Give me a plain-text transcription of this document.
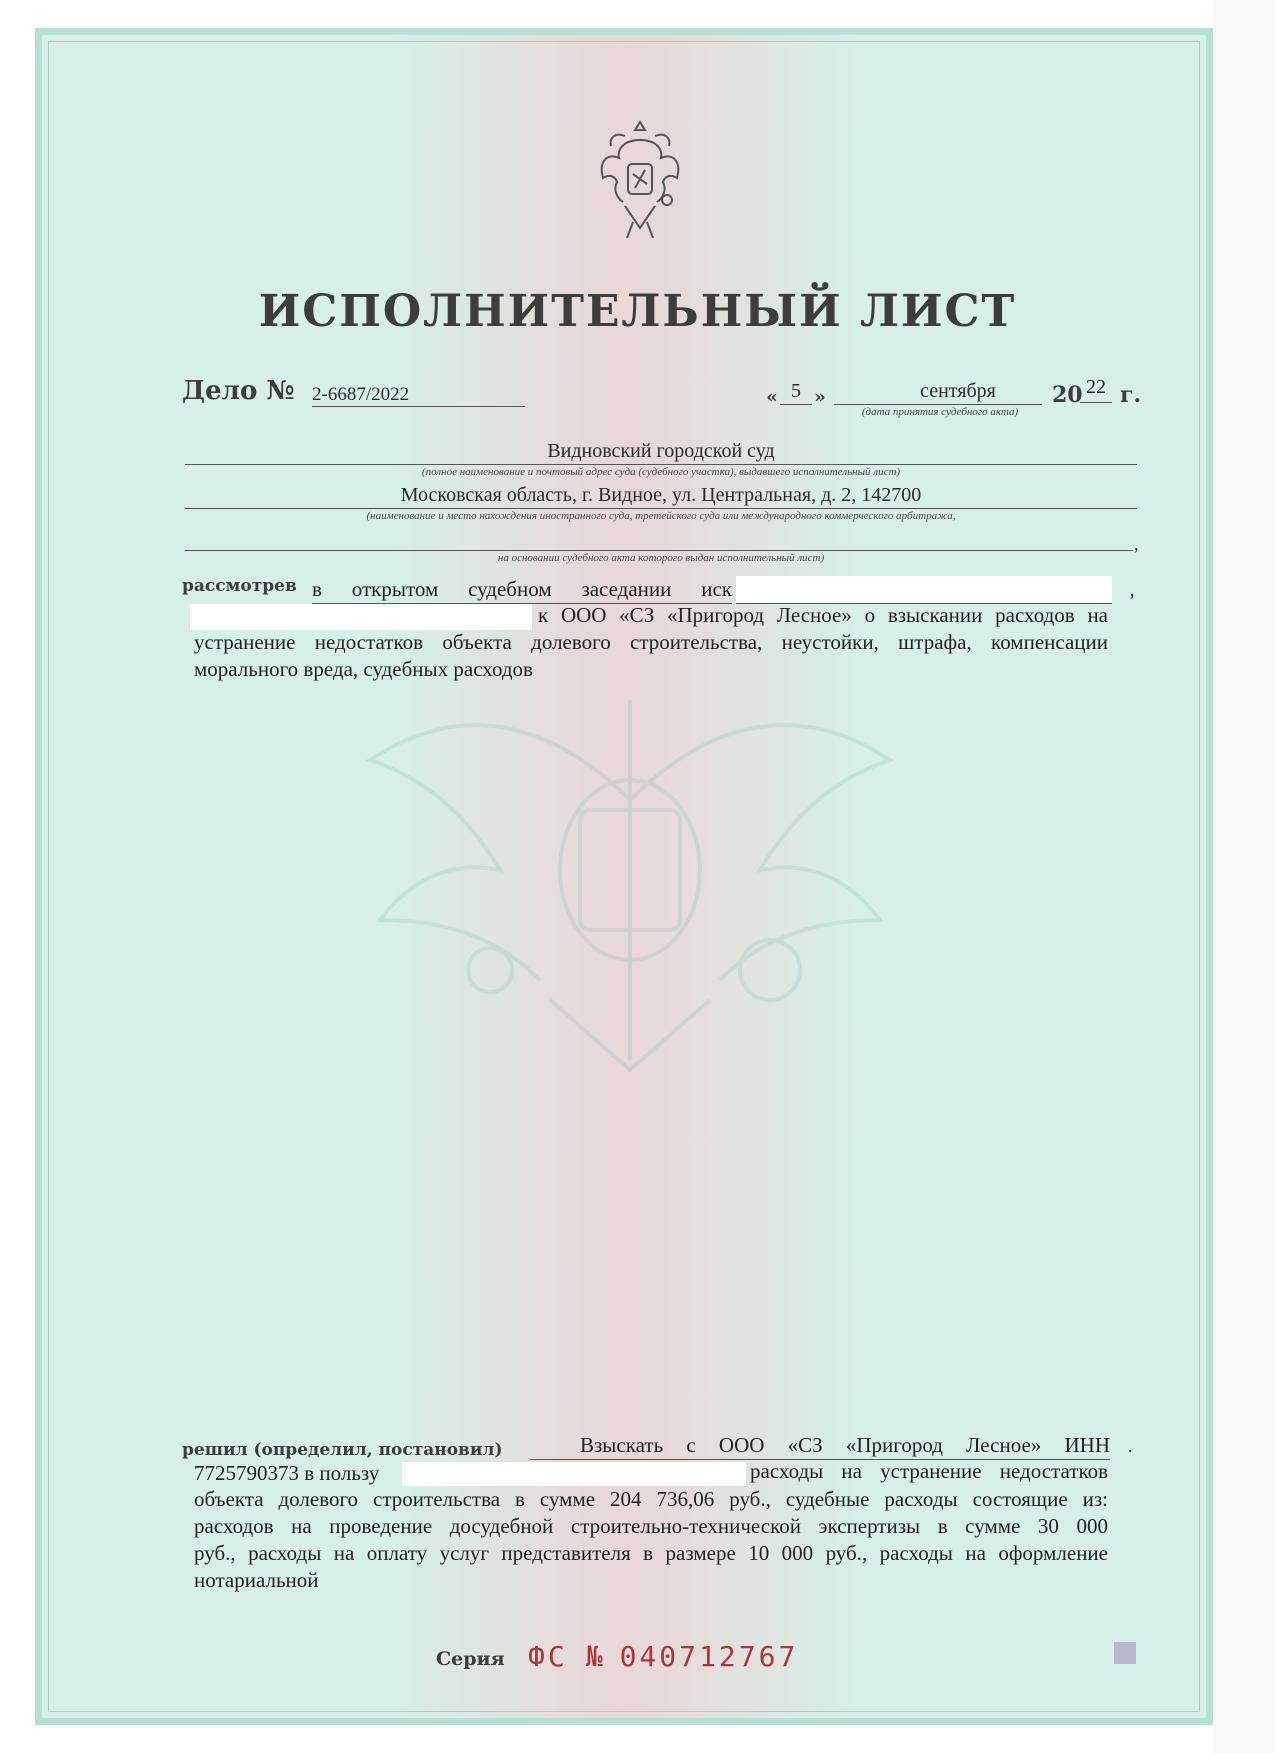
ИСПОЛНИТЕЛЬНЫЙ ЛИСТ
Дело № 2-6687/2022	« 5 »	сентября	20 22 г.
(дата принятия судебного акта)
Видновский городской суд
(полное наименование и почтовый адрес суда (судебного участка), выдавшего исполнительный лист)
Московская область, г. Видное, ул. Центральная, д. 2, 142700
(наименование и место нахождения иностранного суда, третейского суда или международного коммерческого арбитража,
,
на основании судебного акта которого выдан исполнительный лист)
рассмотрев в открытом судебном заседании иск	,
к ООО «СЗ «Пригород Лесное» о взыскании расходов на
устранение недостатков объекта долевого строительства, неустойки, штрафа, компенсации
морального вреда, судебных расходов
решил (определил, постановил)	Взыскать с ООО «СЗ «Пригород Лесное» ИНН .
7725790373 в пользу	расходы на устранение недостатков
объекта долевого строительства в сумме 204 736,06 руб., судебные расходы состоящие из:
расходов на проведение досудебной строительно-технической экспертизы в сумме 30 000
руб., расходы на оплату услуг представителя в размере 10 000 руб., расходы на оформление
нотариальной
Серия ФС № 040712767
